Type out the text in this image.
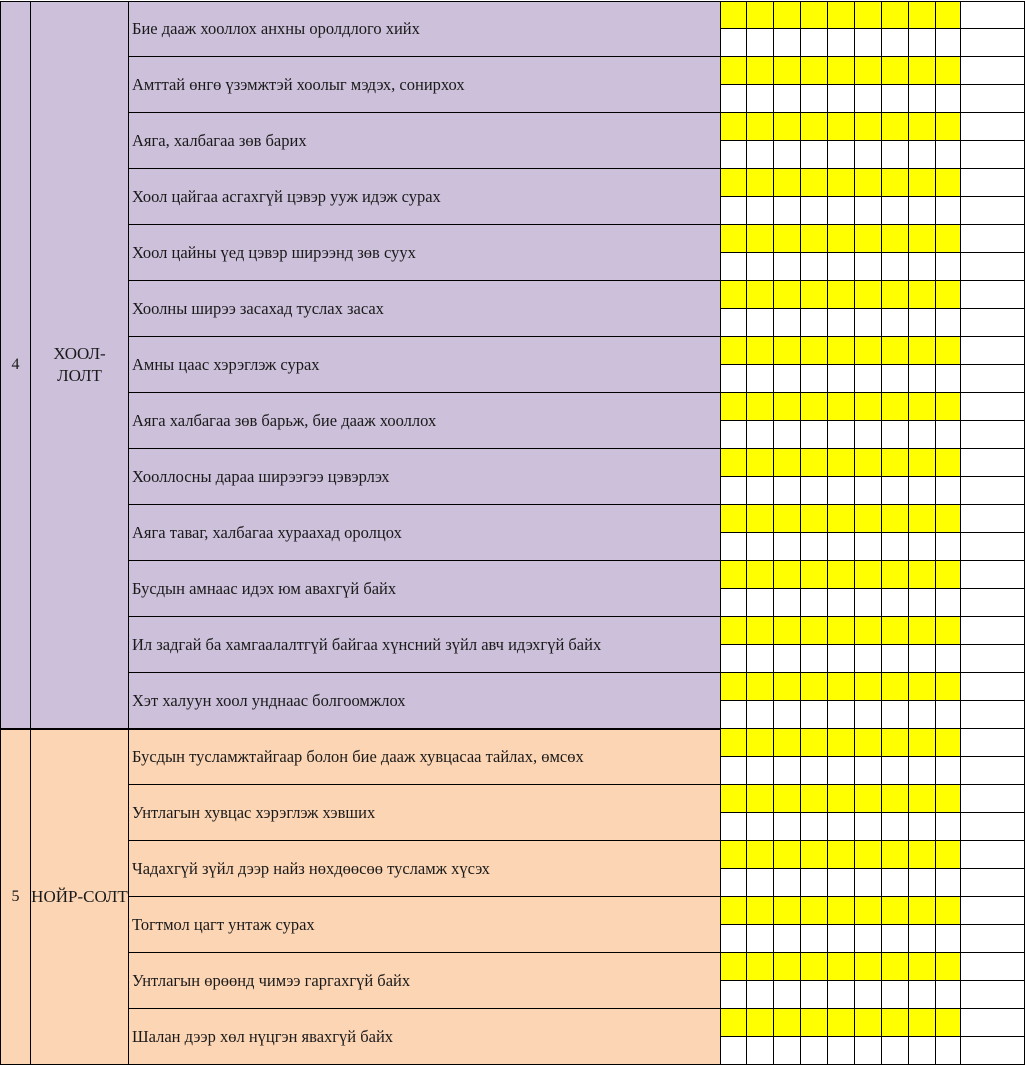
4
ХООЛ-ЛОЛТ
Бие дааж хооллох анхны оролдлого хийх
Амттай өнгө үзэмжтэй хоолыг мэдэх, сонирхох
Аяга, халбагаа зөв барих
Хоол цайгаа асгахгүй цэвэр ууж идэж сурах
Хоол цайны үед цэвэр ширээнд зөв суух
Хоолны ширээ засахад туслах засах
Амны цаас хэрэглэж сурах
Аяга халбагаа зөв барьж, бие дааж хооллох
Хооллосны дараа ширээгээ цэвэрлэх
Аяга таваг, халбагаа хураахад оролцох
Бусдын амнаас идэх юм авахгүй байх
Ил задгай ба хамгаалалтгүй байгаа хүнсний зүйл авч идэхгүй байх
Хэт халуун хоол унднаас болгоомжлох
5 НОЙР-СОЛТ
Бусдын тусламжтайгаар болон бие дааж хувцасаа тайлах, өмсөх
Унтлагын хувцас хэрэглэж хэвших
Чадахгүй зүйл дээр найз нөхдөөсөө тусламж хүсэх
Тогтмол цагт унтаж сурах
Унтлагын өрөөнд чимээ гаргахгүй байх
Шалан дээр хөл нүцгэн явахгүй байх
